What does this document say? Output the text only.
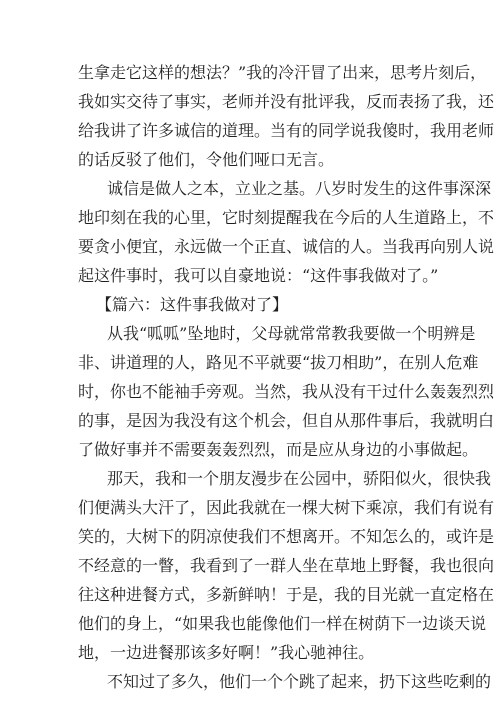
生拿走它这样的想法？”我的冷汗冒了出来，思考片刻后，
我如实交待了事实，老师并没有批评我，反而表扬了我，还
给我讲了许多诚信的道理。当有的同学说我傻时，我用老师
的话反驳了他们，令他们哑口无言。
诚信是做人之本，立业之基。八岁时发生的这件事深深
地印刻在我的心里，它时刻提醒我在今后的人生道路上，不
要贪小便宜，永远做一个正直、诚信的人。当我再向别人说
起这件事时，我可以自豪地说：“这件事我做对了。”
【篇六：这件事我做对了】
从我“呱呱”坠地时，父母就常常教我要做一个明辨是
非、讲道理的人，路见不平就要“拔刀相助”，在别人危难
时，你也不能袖手旁观。当然，我从没有干过什么轰轰烈烈
的事，是因为我没有这个机会，但自从那件事后，我就明白
了做好事并不需要轰轰烈烈，而是应从身边的小事做起。
那天，我和一个朋友漫步在公园中，骄阳似火，很快我
们便满头大汗了，因此我就在一棵大树下乘凉，我们有说有
笑的，大树下的阴凉使我们不想离开。不知怎么的，或许是
不经意的一瞥，我看到了一群人坐在草地上野餐，我也很向
往这种进餐方式，多新鲜呐！于是，我的目光就一直定格在
他们的身上，“如果我也能像他们一样在树荫下一边谈天说
地，一边进餐那该多好啊！”我心驰神往。
不知过了多久，他们一个个跳了起来，扔下这些吃剩的
